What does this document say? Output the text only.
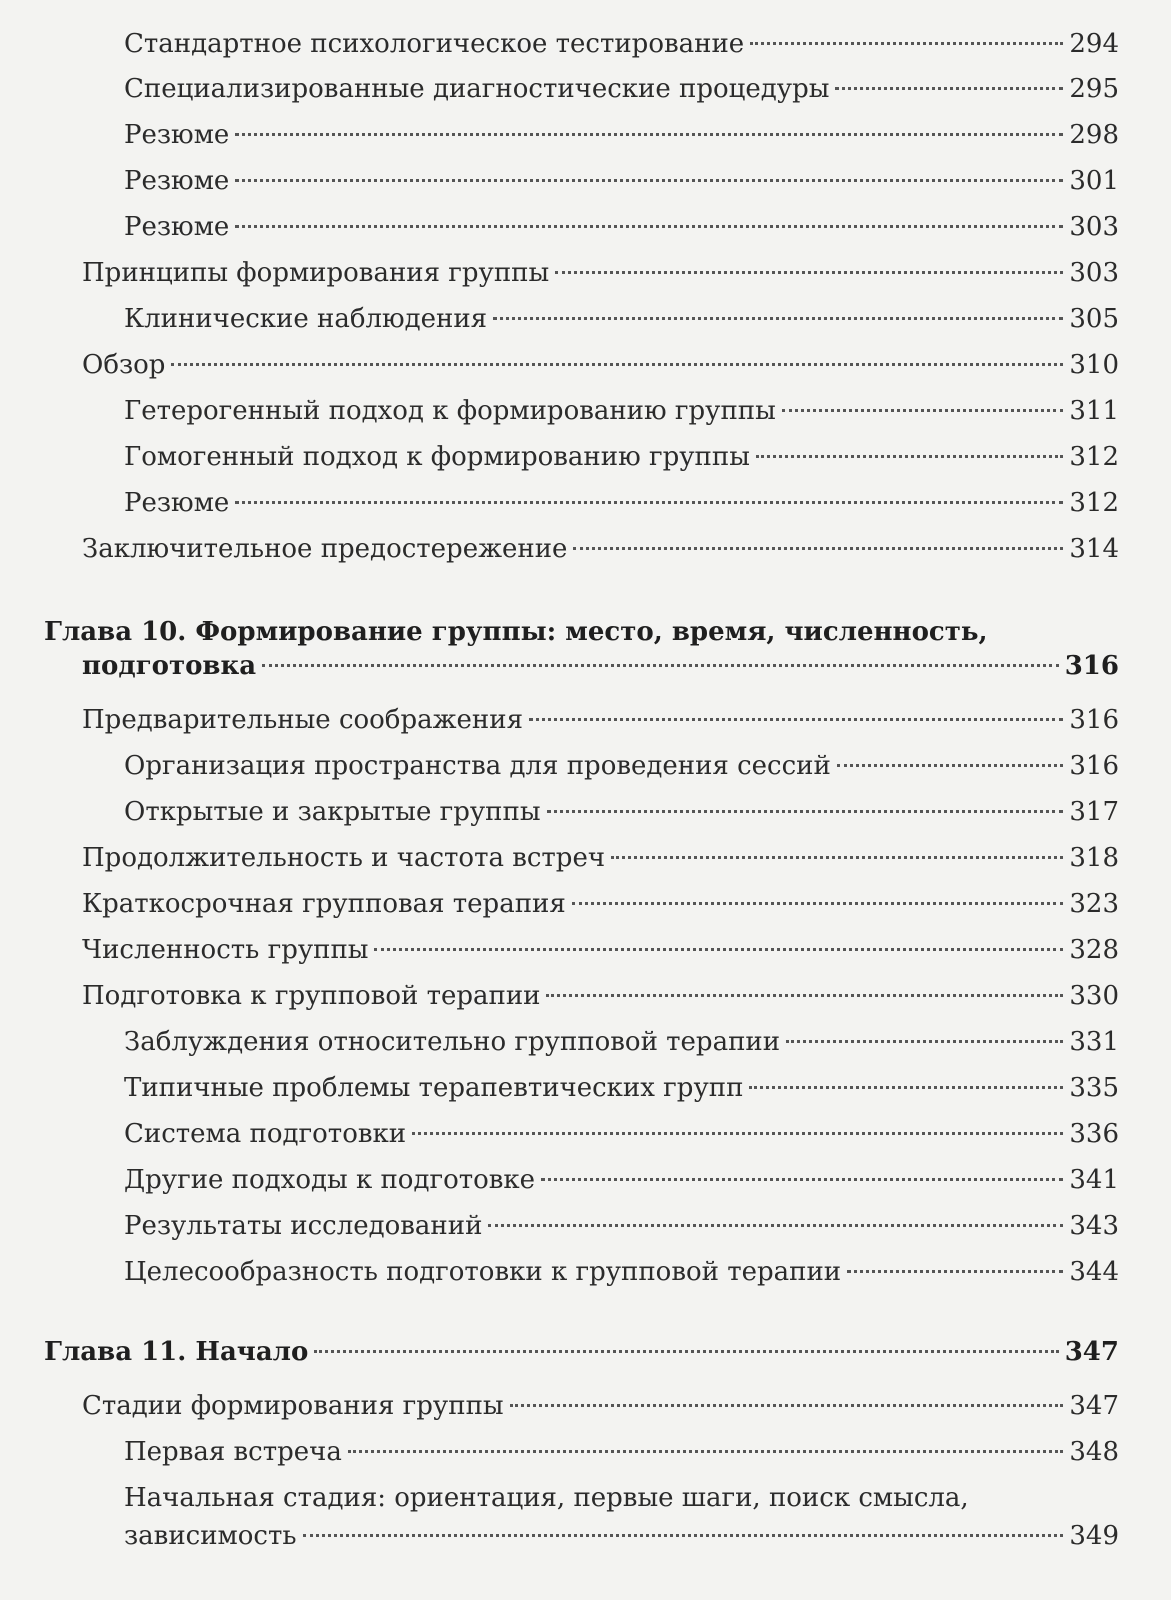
Стандартное психологическое тестирование	294
Специализированные диагностические процедуры	295
Резюме	298
Резюме	301
Резюме	303
Принципы формирования группы	303
Клинические наблюдения	305
Обзор	310
Гетерогенный подход к формированию группы	311
Гомогенный подход к формированию группы	312
Резюме	312
Заключительное предостережение	314
Глава 10. Формирование группы: место, время, численность,
подготовка	316
Предварительные соображения	316
Организация пространства для проведения сессий	316
Открытые и закрытые группы	317
Продолжительность и частота встреч	318
Краткосрочная групповая терапия	323
Численность группы	328
Подготовка к групповой терапии	330
Заблуждения относительно групповой терапии	331
Типичные проблемы терапевтических групп	335
Система подготовки	336
Другие подходы к подготовке	341
Результаты исследований	343
Целесообразность подготовки к групповой терапии	344
Глава 11. Начало	347
Стадии формирования группы	347
Первая встреча	348
Начальная стадия: ориентация, первые шаги, поиск смысла,
зависимость	349
